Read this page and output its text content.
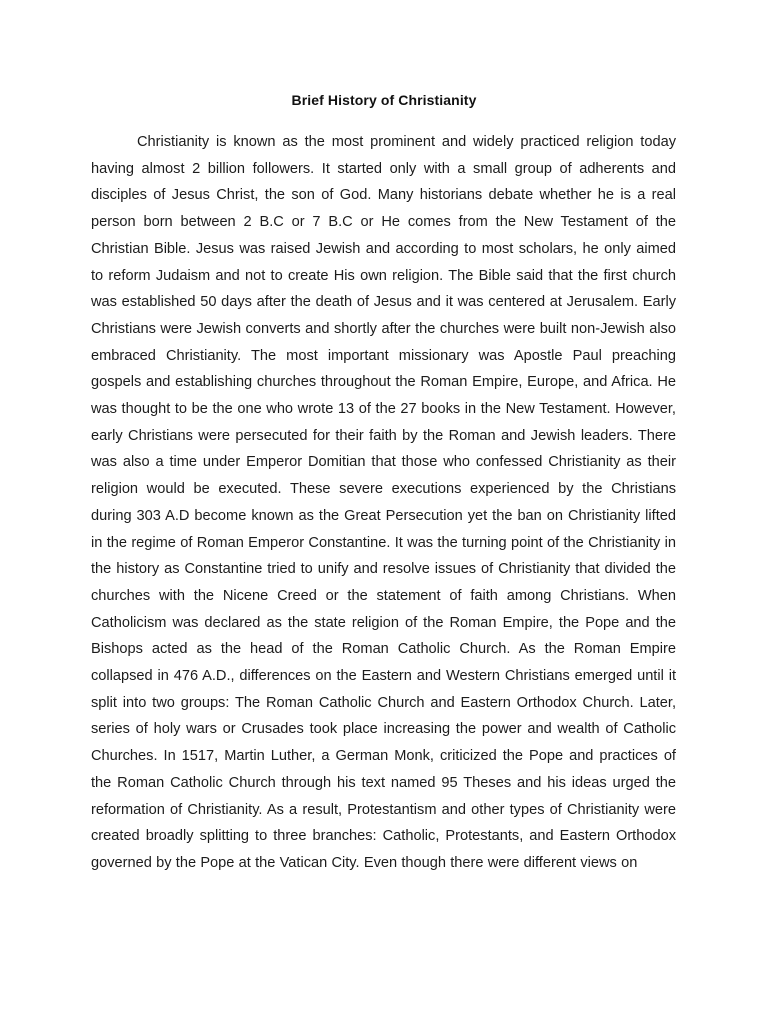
Brief History of Christianity

Christianity is known as the most prominent and widely practiced religion today having almost 2 billion followers. It started only with a small group of adherents and disciples of Jesus Christ, the son of God. Many historians debate whether he is a real person born between 2 B.C or 7 B.C or He comes from the New Testament of the Christian Bible. Jesus was raised Jewish and according to most scholars, he only aimed to reform Judaism and not to create His own religion. The Bible said that the first church was established 50 days after the death of Jesus and it was centered at Jerusalem. Early Christians were Jewish converts and shortly after the churches were built non-Jewish also embraced Christianity. The most important missionary was Apostle Paul preaching gospels and establishing churches throughout the Roman Empire, Europe, and Africa. He was thought to be the one who wrote 13 of the 27 books in the New Testament. However, early Christians were persecuted for their faith by the Roman and Jewish leaders. There was also a time under Emperor Domitian that those who confessed Christianity as their religion would be executed. These severe executions experienced by the Christians during 303 A.D become known as the Great Persecution yet the ban on Christianity lifted in the regime of Roman Emperor Constantine. It was the turning point of the Christianity in the history as Constantine tried to unify and resolve issues of Christianity that divided the churches with the Nicene Creed or the statement of faith among Christians. When Catholicism was declared as the state religion of the Roman Empire, the Pope and the Bishops acted as the head of the Roman Catholic Church. As the Roman Empire collapsed in 476 A.D., differences on the Eastern and Western Christians emerged until it split into two groups: The Roman Catholic Church and Eastern Orthodox Church. Later, series of holy wars or Crusades took place increasing the power and wealth of Catholic Churches. In 1517, Martin Luther, a German Monk, criticized the Pope and practices of the Roman Catholic Church through his text named 95 Theses and his ideas urged the reformation of Christianity. As a result, Protestantism and other types of Christianity were created broadly splitting to three branches: Catholic, Protestants, and Eastern Orthodox governed by the Pope at the Vatican City. Even though there were different views on
